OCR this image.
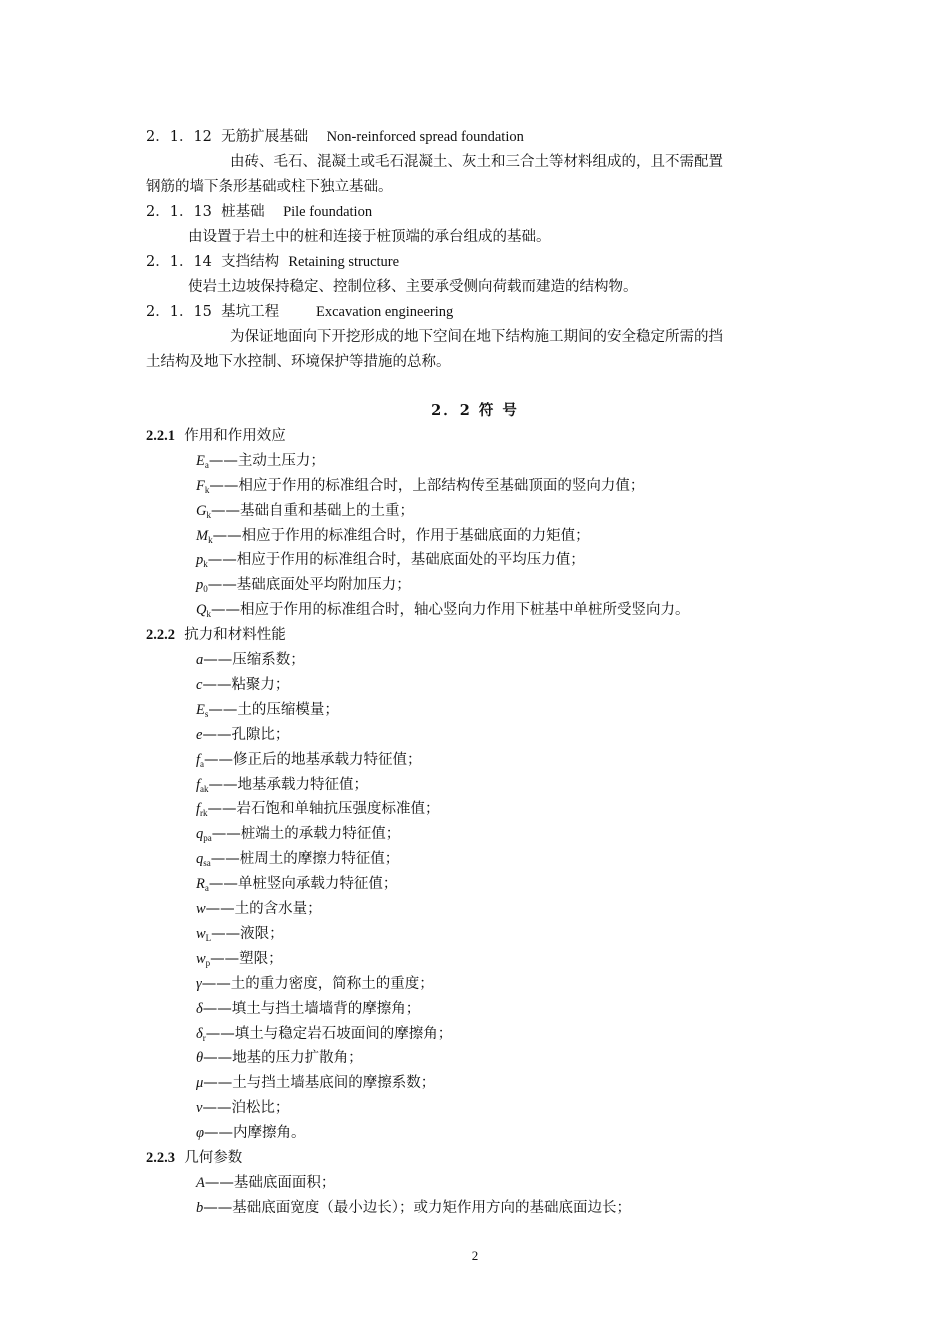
2．1．12 无筋扩展基础 Non-reinforced spread foundation
由砖、毛石、混凝土或毛石混凝土、灰土和三合土等材料组成的，且不需配置
钢筋的墙下条形基础或柱下独立基础。
2．1．13 桩基础 Pile foundation
由设置于岩土中的桩和连接于桩顶端的承台组成的基础。
2．1．14 支挡结构 Retaining structure
使岩土边坡保持稳定、控制位移、主要承受侧向荷载而建造的结构物。
2．1．15 基坑工程	Excavation engineering
为保证地面向下开挖形成的地下空间在地下结构施工期间的安全稳定所需的挡
土结构及地下水控制、环境保护等措施的总称。
2．2 符 号
2.2.1 作用和作用效应
$E_a——$主动土压力；
$F_k——$相应于作用的标准组合时，上部结构传至基础顶面的竖向力值；
$G_k——$基础自重和基础上的土重；
$M_k——$相应于作用的标准组合时，作用于基础底面的力矩值；
$p_k——$相应于作用的标准组合时，基础底面处的平均压力值；
$p_0——$基础底面处平均附加压力；
$Q_k——$相应于作用的标准组合时，轴心竖向力作用下桩基中单桩所受竖向力。
2.2.2 抗力和材料性能
a——压缩系数；
c——粘聚力；
$E_s——$土的压缩模量；
e——孔隙比；
$f_a——$修正后的地基承载力特征值；
$f_{ak}——$地基承载力特征值；
$f_{rk}——$岩石饱和单轴抗压强度标准值；
$q_{pa}——$桩端土的承载力特征值；
$q_{sa}——$桩周土的摩擦力特征值；
$R_a——$单桩竖向承载力特征值；
w——土的含水量；
$w_L——$液限；
$w_p——$塑限；
γ——土的重力密度，简称土的重度；
δ——填土与挡土墙墙背的摩擦角；
$\delta_r——$填土与稳定岩石坡面间的摩擦角；
θ——地基的压力扩散角；
μ——土与挡土墙基底间的摩擦系数；
ν——泊松比；
φ——内摩擦角。
2.2.3 几何参数
A——基础底面面积；
b——基础底面宽度（最小边长）；或力矩作用方向的基础底面边长；
2
